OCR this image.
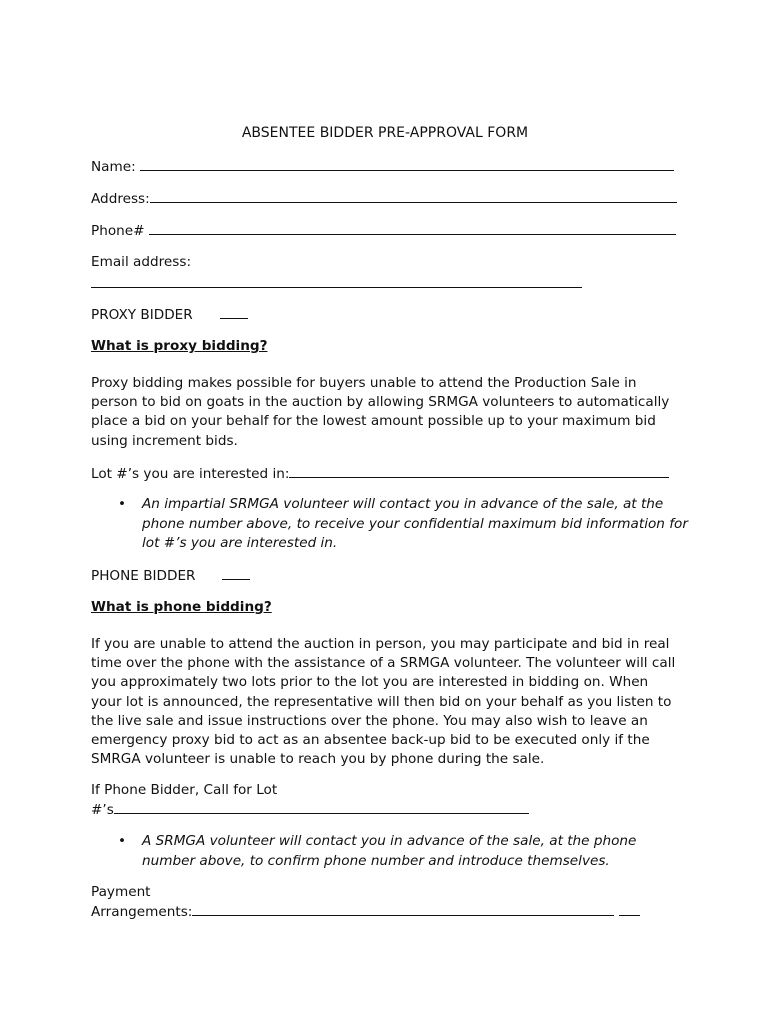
ABSENTEE BIDDER PRE-APPROVAL FORM
Name:
Address:
Phone#
Email address:
PROXY BIDDER
What is proxy bidding?
Proxy bidding makes possible for buyers unable to attend the Production Sale in person to bid on goats in the auction by allowing SRMGA volunteers to automatically place a bid on your behalf for the lowest amount possible up to your maximum bid using increment bids.
Lot #’s you are interested in:
• An impartial SRMGA volunteer will contact you in advance of the sale, at the phone number above, to receive your confidential maximum bid information for lot #’s you are interested in.
PHONE BIDDER
What is phone bidding?
If you are unable to attend the auction in person, you may participate and bid in real time over the phone with the assistance of a SRMGA volunteer. The volunteer will call you approximately two lots prior to the lot you are interested in bidding on. When your lot is announced, the representative will then bid on your behalf as you listen to the live sale and issue instructions over the phone. You may also wish to leave an emergency proxy bid to act as an absentee back-up bid to be executed only if the SMRGA volunteer is unable to reach you by phone during the sale.
If Phone Bidder, Call for Lot
#’s
• A SRMGA volunteer will contact you in advance of the sale, at the phone number above, to confirm phone number and introduce themselves.
Payment
Arrangements:
